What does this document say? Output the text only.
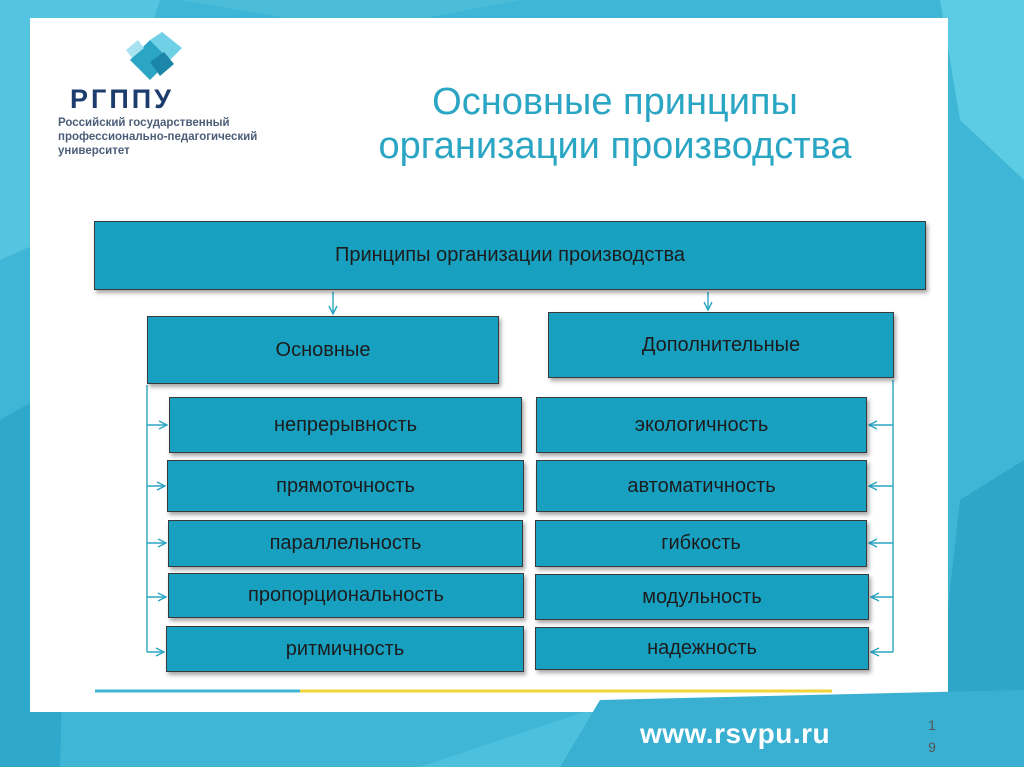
РГППУ
Российский государственный
профессионально-педагогический
университет
Основные принципы
организации производства
Принципы организации производства
Основные	Дополнительные
непрерывность
прямоточность
параллельность
пропорциональность
ритмичность
экологичность
автоматичность
гибкость
модульность
надежность
www.rsvpu.ru	1
9
